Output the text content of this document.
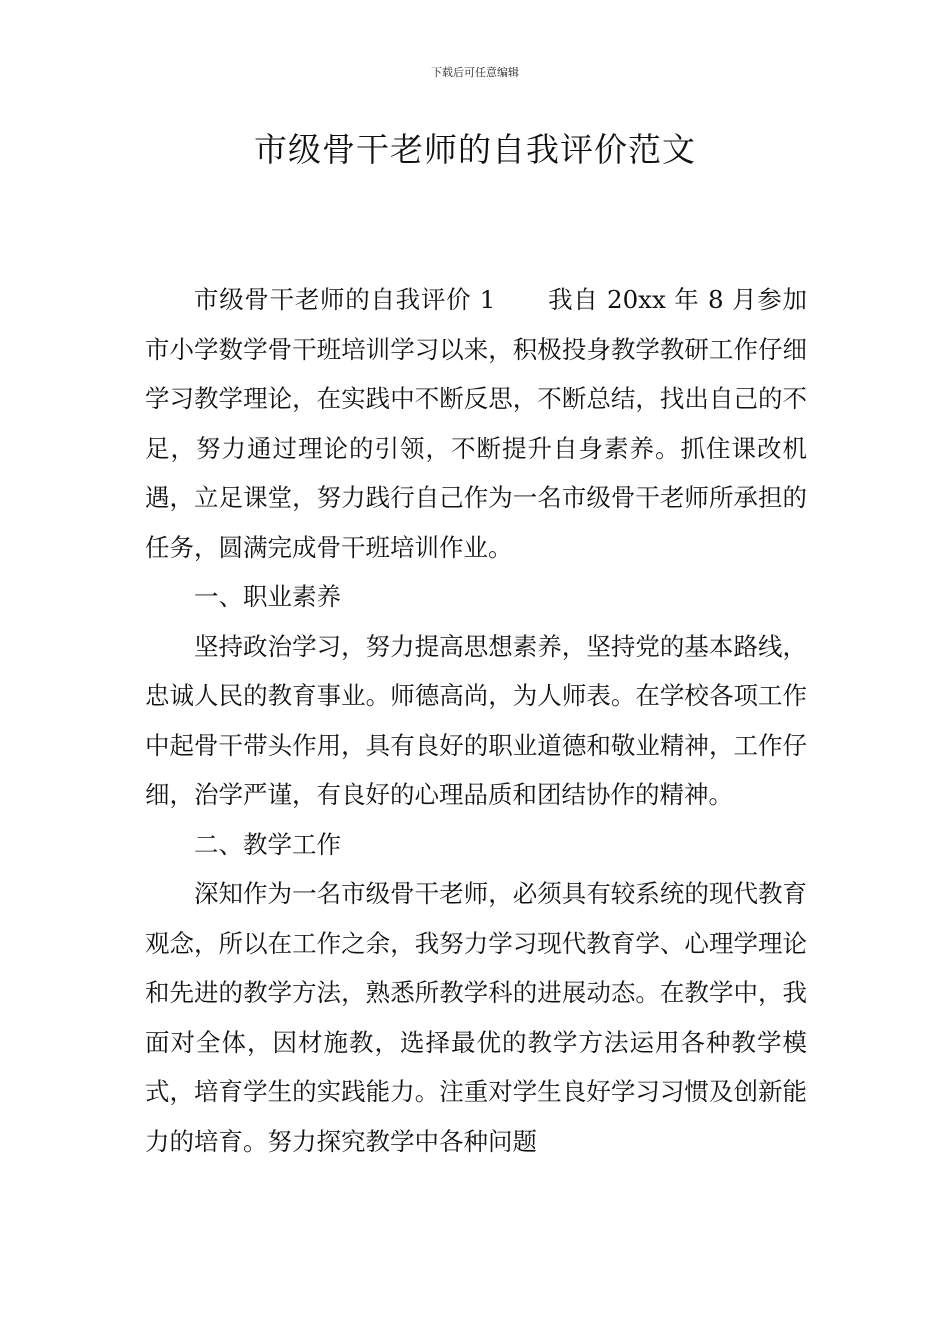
下载后可任意编辑
市级骨干老师的自我评价范文

市级骨干老师的自我评价 1 我自 20xx 年 8 月参加市小学数学骨干班培训学习以来，积极投身教学教研工作仔细学习教学理论，在实践中不断反思，不断总结，找出自己的不足，努力通过理论的引领，不断提升自身素养。抓住课改机遇，立足课堂，努力践行自己作为一名市级骨干老师所承担的任务，圆满完成骨干班培训作业。

一、职业素养

坚持政治学习，努力提高思想素养，坚持党的基本路线，忠诚人民的教育事业。师德高尚，为人师表。在学校各项工作中起骨干带头作用，具有良好的职业道德和敬业精神，工作仔细，治学严谨，有良好的心理品质和团结协作的精神。

二、教学工作

深知作为一名市级骨干老师，必须具有较系统的现代教育观念，所以在工作之余，我努力学习现代教育学、心理学理论和先进的教学方法，熟悉所教学科的进展动态。在教学中，我面对全体，因材施教，选择最优的教学方法运用各种教学模式，培育学生的实践能力。注重对学生良好学习习惯及创新能力的培育。努力探究教学中各种问题
